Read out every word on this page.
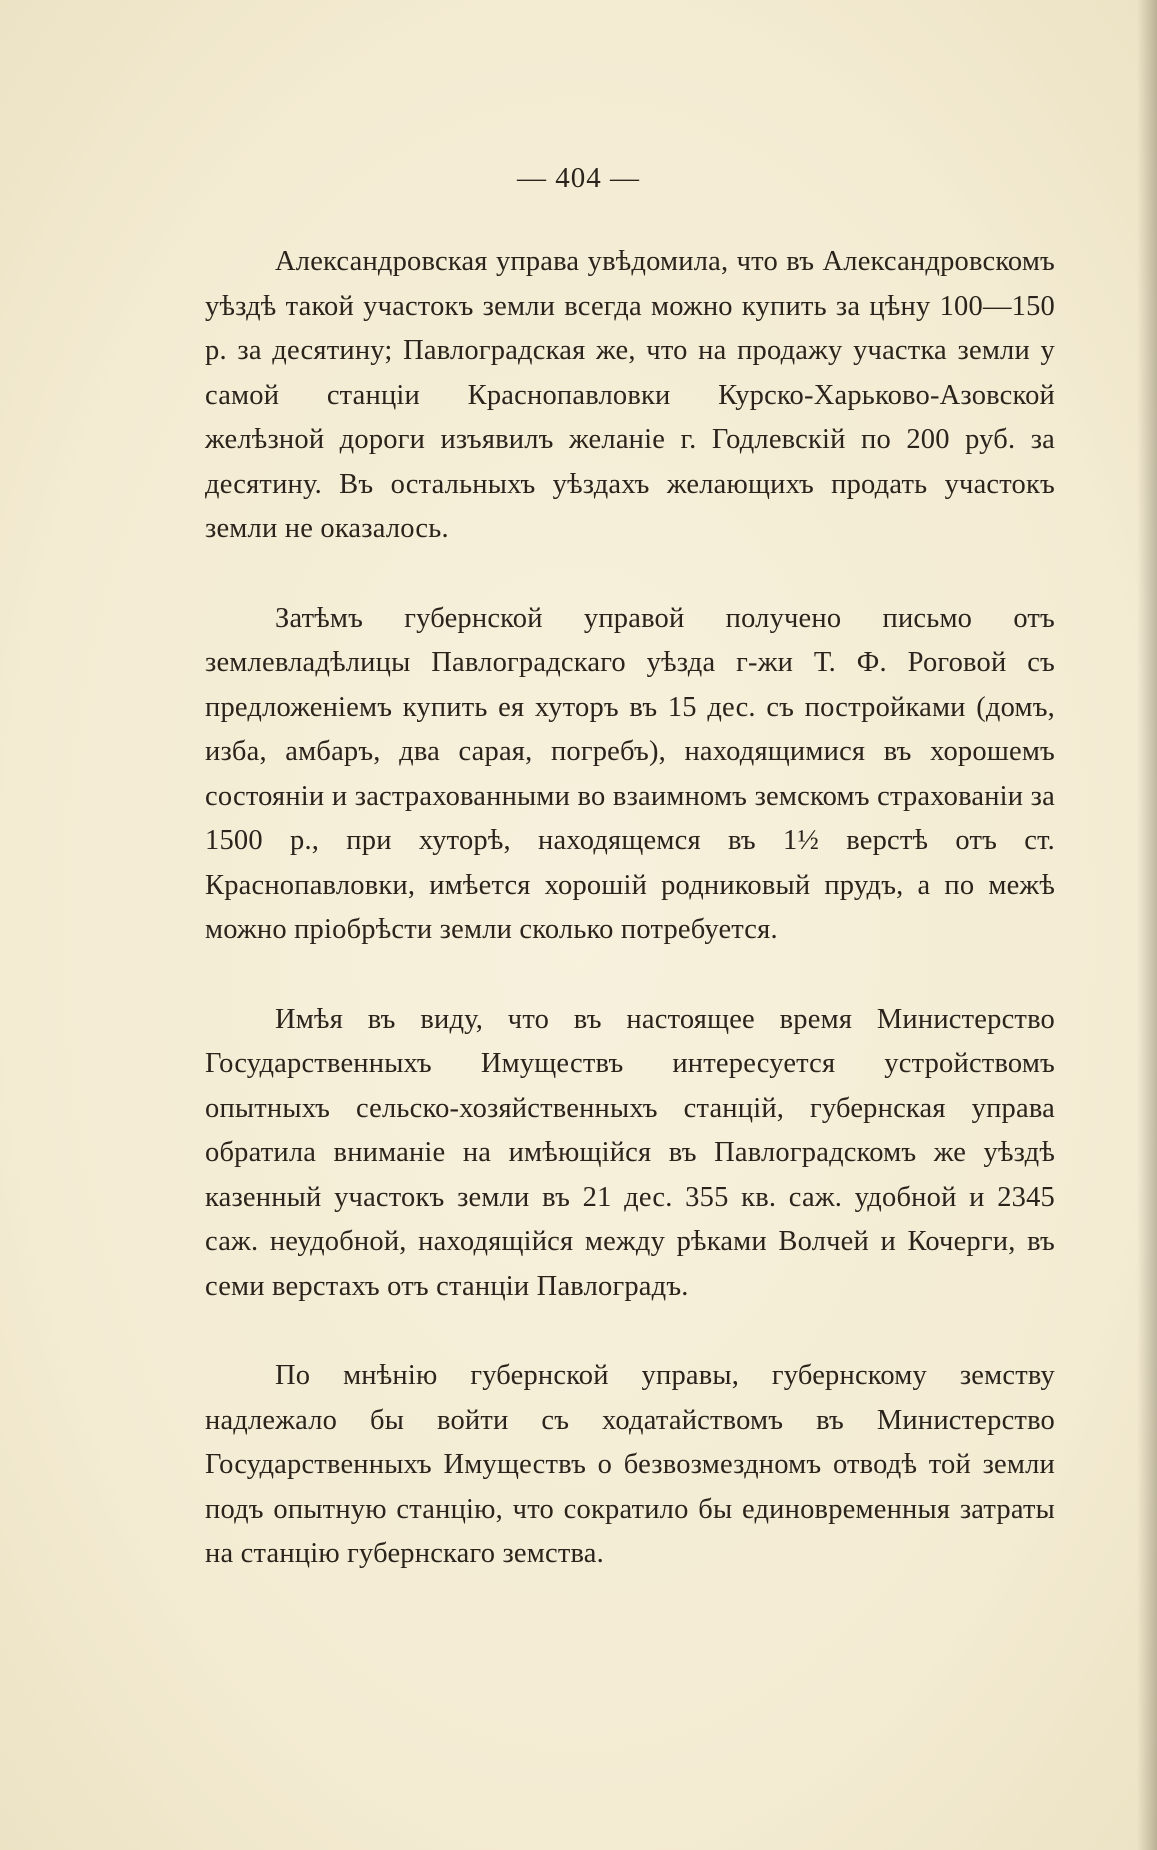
— 404 —

Александровская управа увѣдомила, что въ Александровскомъ уѣздѣ такой участокъ земли всегда можно купить за цѣну 100—150 р. за десятину; Павлоградская же, что на продажу участка земли у самой станціи Краснопавловки Курско-Харьково-Азовской желѣзной дороги изъявилъ желаніе г. Годлевскій по 200 руб. за десятину. Въ остальныхъ уѣздахъ желающихъ продать участокъ земли не оказалось.

Затѣмъ губернской управой получено письмо отъ землевладѣлицы Павлоградскаго уѣзда г-жи Т. Ф. Роговой съ предложеніемъ купить ея хуторъ въ 15 дес. съ постройками (домъ, изба, амбаръ, два сарая, погребъ), находящимися въ хорошемъ состояніи и застрахованными во взаимномъ земскомъ страхованіи за 1500 р., при хуторѣ, находящемся въ 1½ верстѣ отъ ст. Краснопавловки, имѣется хорошій родниковый прудъ, а по межѣ можно пріобрѣсти земли сколько потребуется.

Имѣя въ виду, что въ настоящее время Министерство Государственныхъ Имуществъ интересуется устройствомъ опытныхъ сельско-хозяйственныхъ станцій, губернская управа обратила вниманіе на имѣющійся въ Павлоградскомъ же уѣздѣ казенный участокъ земли въ 21 дес. 355 кв. саж. удобной и 2345 саж. неудобной, находящійся между рѣками Волчей и Кочерги, въ семи верстахъ отъ станціи Павлоградъ.

По мнѣнію губернской управы, губернскому земству надлежало бы войти съ ходатайствомъ въ Министерство Государственныхъ Имуществъ о безвозмездномъ отводѣ той земли подъ опытную станцію, что сократило бы единовременныя затраты на станцію губернскаго земства.
